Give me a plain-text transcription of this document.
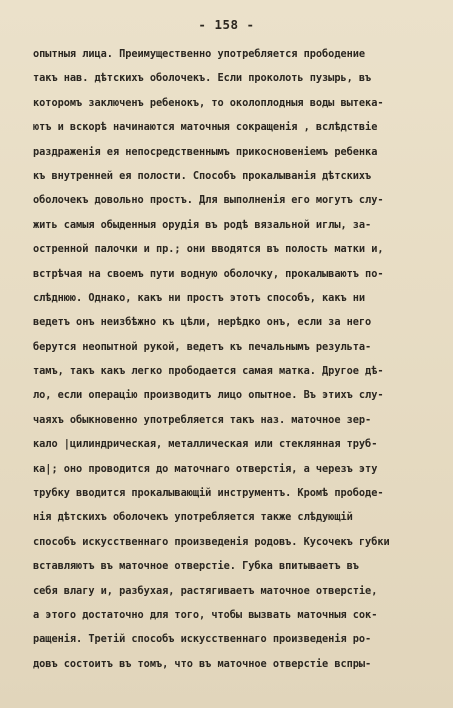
- 158 -
опытныя лица. Преимущественно употребляется прободение
такъ нав. дѣтскихъ оболочекъ. Если проколоть пузырь, въ
которомъ заключенъ ребенокъ, то околоплодныя воды вытека-
ютъ и вскорѣ начинаются маточныя сокращенія , вслѣдствіе
раздраженія ея непосредственнымъ прикосновеніемъ ребенка
къ внутренней ея полости. Способъ прокалыванія дѣтскихъ
оболочекъ довольно простъ. Для выполненія его могутъ слу-
жить самыя обыденныя орудія въ родѣ вязальной иглы, за-
остренной палочки и пр.; они вводятся въ полость матки и,
встрѣчая на своемъ пути водную оболочку, прокалываютъ по-
слѣднюю. Однако, какъ ни простъ этотъ способъ, какъ ни
ведетъ онъ неизбѣжно къ цѣли, нерѣдко онъ, если за него
берутся неопытной рукой, ведетъ къ печальнымъ результа-
тамъ, такъ какъ легко прободается самая матка. Другое дѣ-
ло, если операцію производитъ лицо опытное. Въ этихъ слу-
чаяхъ обыкновенно употребляется такъ наз. маточное зер-
кало |цилиндрическая, металлическая или стеклянная труб-
ка|; оно проводится до маточнаго отверстія, а черезъ эту
трубку вводится прокалывающій инструментъ. Кромѣ прободе-
нія дѣтскихъ оболочекъ употребляется также слѣдующій
способъ искусственнаго произведенія родовъ. Кусочекъ губки
вставляютъ въ маточное отверстіе. Губка впитываетъ въ
себя влагу и, разбухая, растягиваетъ маточное отверстіе,
а этого достаточно для того, чтобы вызвать маточныя сок-
ращенія. Третій способъ искусственнаго произведенія ро-
довъ состоитъ въ томъ, что въ маточное отверстіе вспры-
